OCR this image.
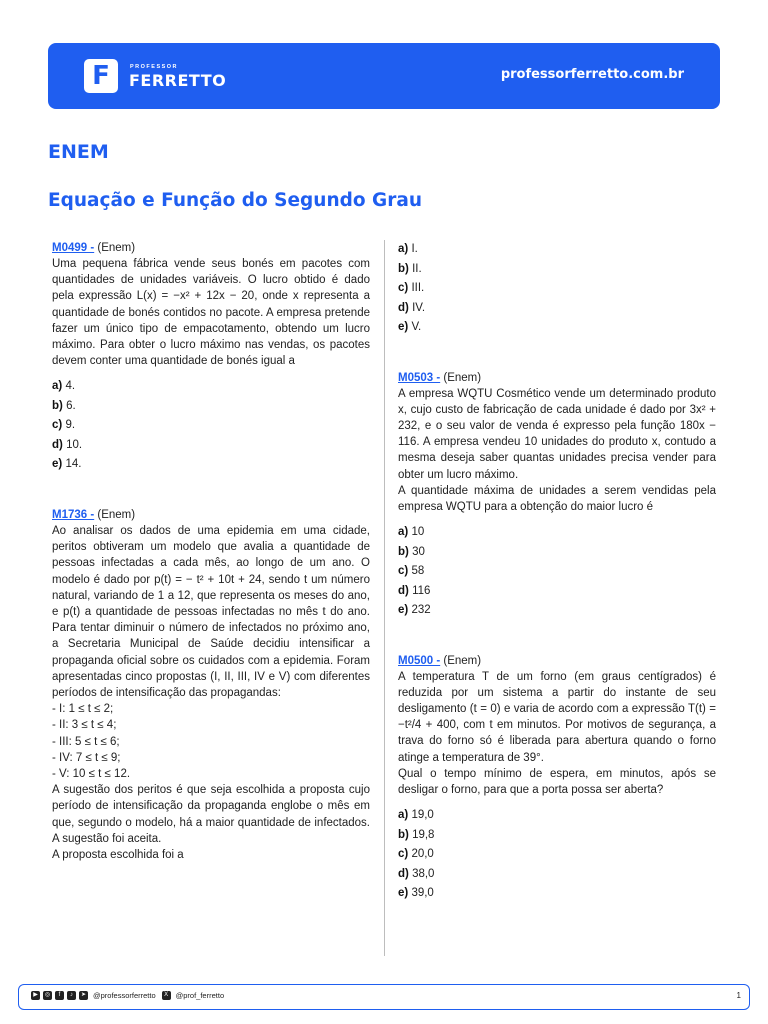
F	PROFESSOR
FERRETTO	professorferretto.com.br
ENEM
Equação e Função do Segundo Grau
M0499 - (Enem)
Uma pequena fábrica vende seus bonés em pacotes com quantidades de unidades variáveis. O lucro obtido é dado pela expressão L(x) = −x² + 12x − 20, onde x representa a quantidade de bonés contidos no pacote. A empresa pretende fazer um único tipo de empacotamento, obtendo um lucro máximo. Para obter o lucro máximo nas vendas, os pacotes devem conter uma quantidade de bonés igual a
a) 4.
b) 6.
c) 9.
d) 10.
e) 14.
M1736 - (Enem)
Ao analisar os dados de uma epidemia em uma cidade, peritos obtiveram um modelo que avalia a quantidade de pessoas infectadas a cada mês, ao longo de um ano. O modelo é dado por p(t) = − t² + 10t + 24, sendo t um número natural, variando de 1 a 12, que representa os meses do ano, e p(t) a quantidade de pessoas infectadas no mês t do ano. Para tentar diminuir o número de infectados no próximo ano, a Secretaria Municipal de Saúde decidiu intensificar a propaganda oficial sobre os cuidados com a epidemia. Foram apresentadas cinco propostas (I, II, III, IV e V) com diferentes períodos de intensificação das propagandas:
- I: 1 ≤ t ≤ 2;
- II: 3 ≤ t ≤ 4;
- III: 5 ≤ t ≤ 6;
- IV: 7 ≤ t ≤ 9;
- V: 10 ≤ t ≤ 12.
A sugestão dos peritos é que seja escolhida a proposta cujo período de intensificação da propaganda englobe o mês em que, segundo o modelo, há a maior quantidade de infectados. A sugestão foi aceita.
A proposta escolhida foi a
a) I.
b) II.
c) III.
d) IV.
e) V.
M0503 - (Enem)
A empresa WQTU Cosmético vende um determinado produto x, cujo custo de fabricação de cada unidade é dado por 3x² + 232, e o seu valor de venda é expresso pela função 180x − 116. A empresa vendeu 10 unidades do produto x, contudo a mesma deseja saber quantas unidades precisa vender para obter um lucro máximo.
A quantidade máxima de unidades a serem vendidas pela empresa WQTU para a obtenção do maior lucro é
a) 10
b) 30
c) 58
d) 116
e) 232
M0500 - (Enem)
A temperatura T de um forno (em graus centígrados) é reduzida por um sistema a partir do instante de seu desligamento (t = 0) e varia de acordo com a expressão T(t) = −t²/4 + 400, com t em minutos. Por motivos de segurança, a trava do forno só é liberada para abertura quando o forno atinge a temperatura de 39°.
Qual o tempo mínimo de espera, em minutos, após se desligar o forno, para que a porta possa ser aberta?
a) 19,0
b) 19,8
c) 20,0
d) 38,0
e) 39,0
▶	◎	f	♪	➤ @professorferretto	X	@prof_ferretto	1
